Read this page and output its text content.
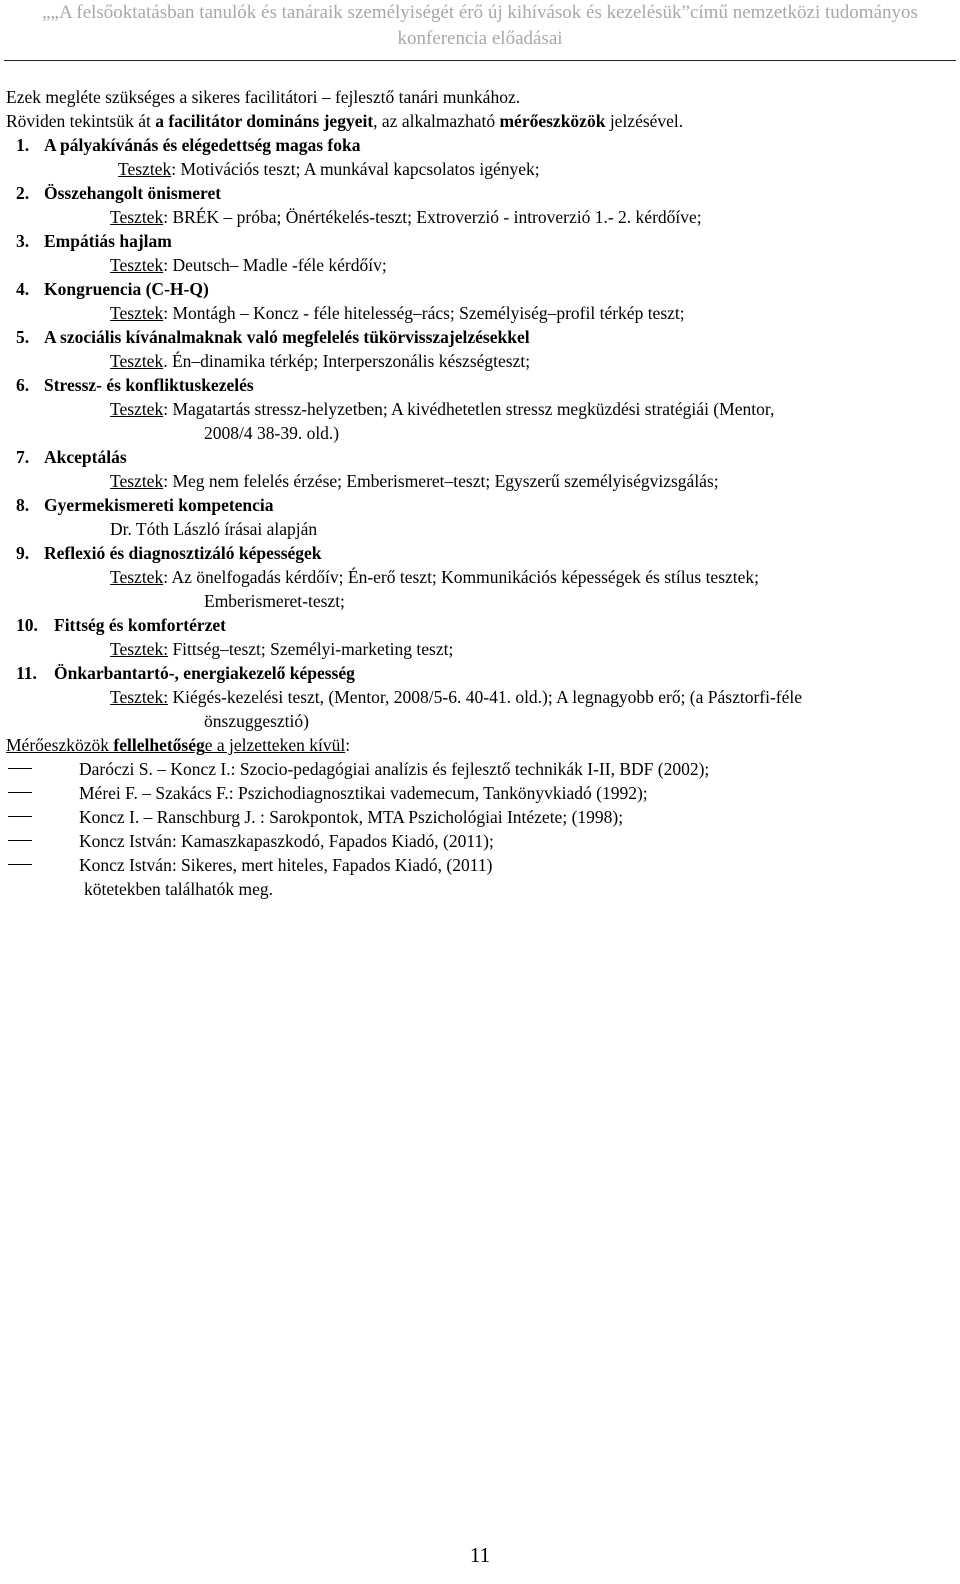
„„A felsőoktatásban tanulók és tanáraik személyiségét érő új kihívások és kezelésük”című nemzetközi tudományos
konferencia előadásai
Ezek megléte szükséges a sikeres facilitátori – fejlesztő tanári munkához.
Röviden tekintsük át a facilitátor domináns jegyeit, az alkalmazható mérőeszközök jelzésével.
1. A pályakívánás és elégedettség magas foka
Tesztek: Motivációs teszt; A munkával kapcsolatos igények;
2. Összehangolt önismeret
Tesztek: BRÉK – próba; Önértékelés-teszt; Extroverzió - introverzió 1.- 2. kérdőíve;
3. Empátiás hajlam
Tesztek: Deutsch– Madle -féle kérdőív;
4. Kongruencia (C-H-Q)
Tesztek: Montágh – Koncz - féle hitelesség–rács; Személyiség–profil térkép teszt;
5. A szociális kívánalmaknak való megfelelés tükörvisszajelzésekkel
Tesztek. Én–dinamika térkép; Interperszonális készségteszt;
6. Stressz- és konfliktuskezelés
Tesztek: Magatartás stressz-helyzetben; A kivédhetetlen stressz megküzdési stratégiái (Mentor,
2008/4 38-39. old.)
7. Akceptálás
Tesztek: Meg nem felelés érzése; Emberismeret–teszt; Egyszerű személyiségvizsgálás;
8. Gyermekismereti kompetencia
Dr. Tóth László írásai alapján
9. Reflexió és diagnosztizáló képességek
Tesztek: Az önelfogadás kérdőív; Én-erő teszt; Kommunikációs képességek és stílus tesztek;
Emberismeret-teszt;
10. Fittség és komfortérzet
Tesztek: Fittség–teszt; Személyi-marketing teszt;
11. Önkarbantartó-, energiakezelő képesség
Tesztek: Kiégés-kezelési teszt, (Mentor, 2008/5-6. 40-41. old.); A legnagyobb erő; (a Pásztorfi-féle
önszuggesztió)
Mérőeszközök fellelhetősége a jelzetteken kívül:
Daróczi S. – Koncz I.: Szocio-pedagógiai analízis és fejlesztő technikák I-II, BDF (2002);
Mérei F. – Szakács F.: Pszichodiagnosztikai vademecum, Tankönyvkiadó (1992);
Koncz I. – Ranschburg J. : Sarokpontok, MTA Pszichológiai Intézete; (1998);
Koncz István: Kamaszkapaszkodó, Fapados Kiadó, (2011);
Koncz István: Sikeres, mert hiteles, Fapados Kiadó, (2011)
kötetekben találhatók meg.
11
